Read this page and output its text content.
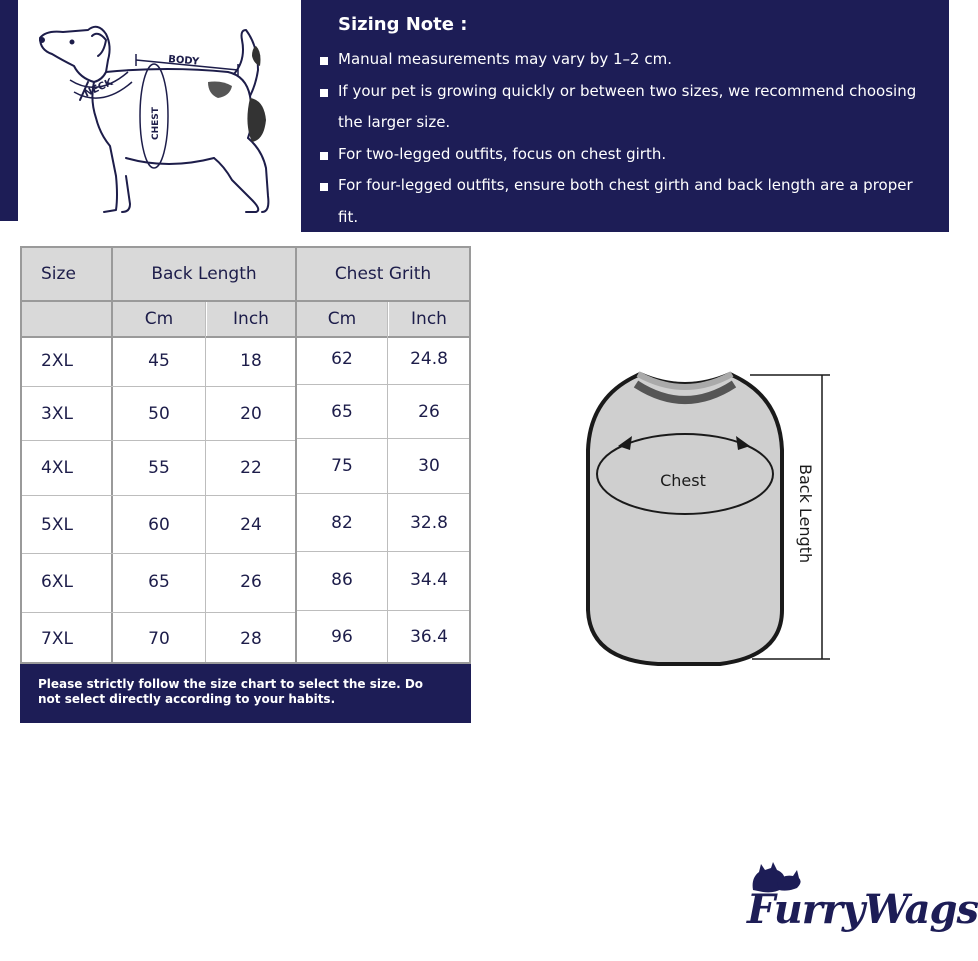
BODY
NECK
CHEST
Sizing Note :
Manual measurements may vary by 1–2 cm.
If your pet is growing quickly or between two sizes, we recommend choosing the larger size.
For two-legged outfits, focus on chest girth.
For four-legged outfits, ensure both chest girth and back length are a proper fit.
Size	Back Length	Chest Grith
Cm	Inch	Cm	Inch
2XL	45	18	62	24.8
3XL	50	20	65	26
4XL	55	22	75	30
5XL	60	24	82	32.8
6XL	65	26	86	34.4
7XL	70	28	96	36.4

Please strictly follow the size chart to select the size. Do not select directly according to your habits.

Chest	Back Length
FurryWags
